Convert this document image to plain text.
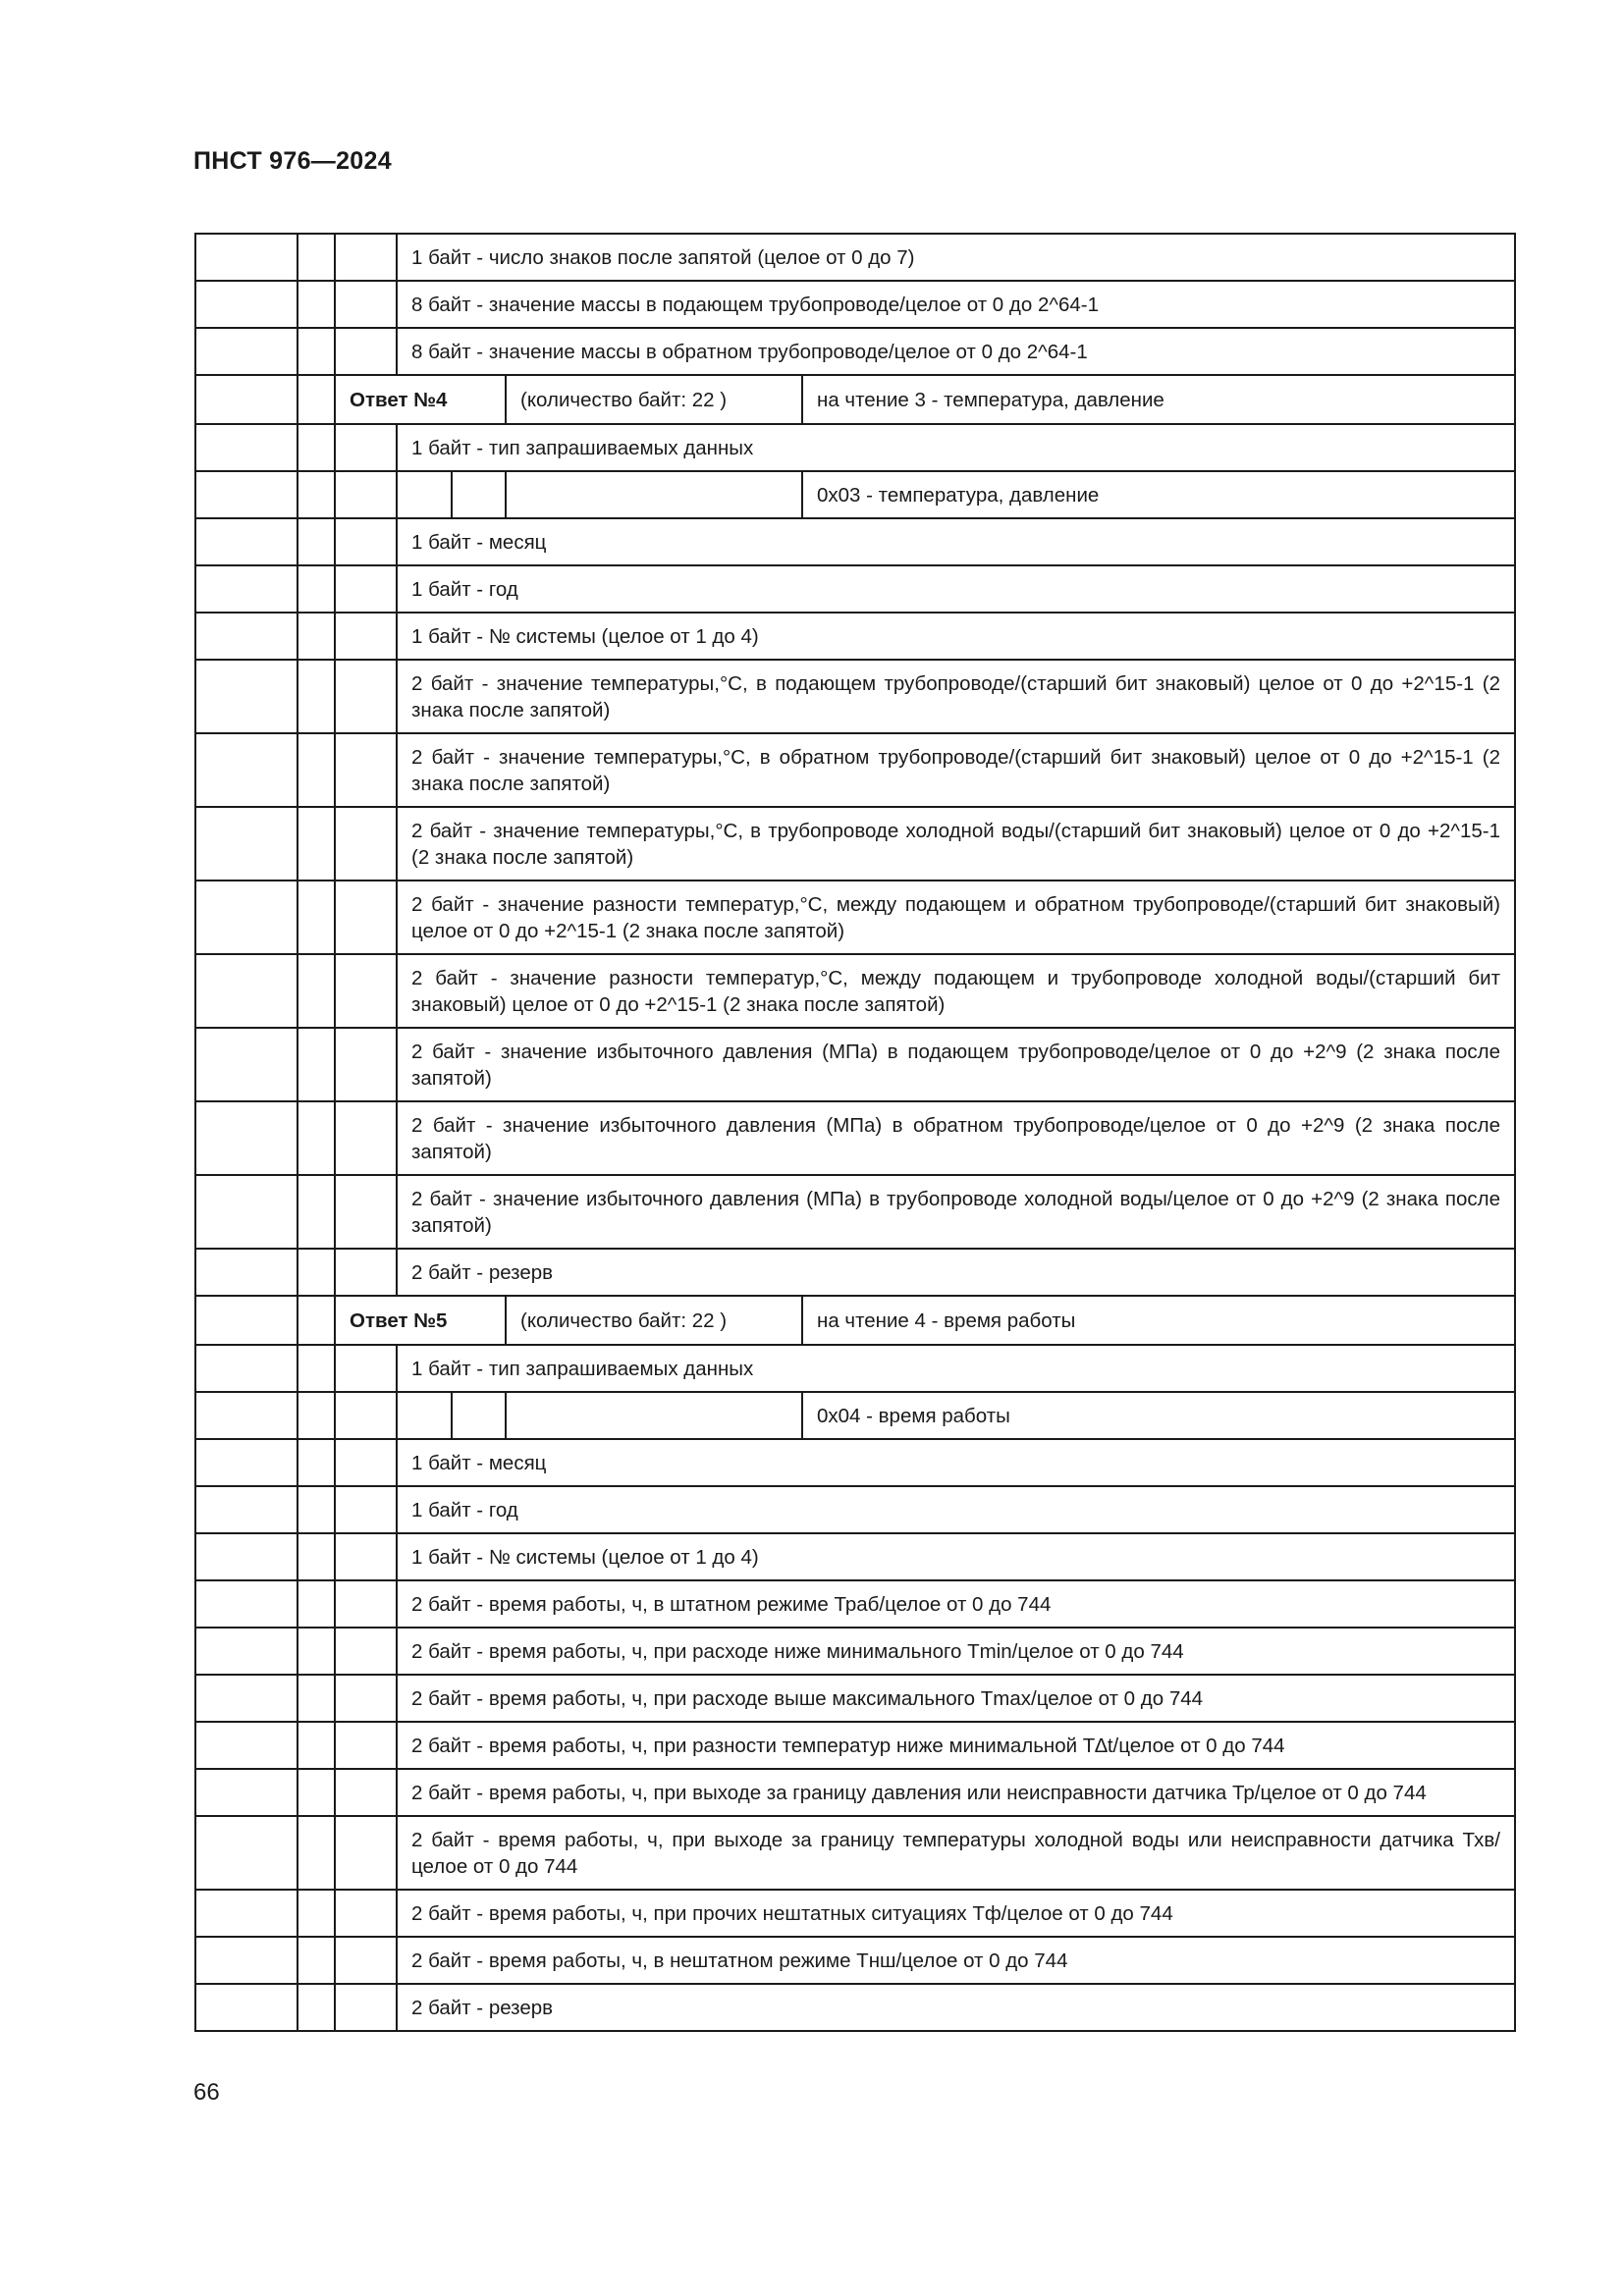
ПНСТ 976—2024
			1 байт - число знаков после запятой (целое от 0 до 7)			
			8 байт - значение массы в подающем трубопроводе/целое от 0 до 2^64-1			
			8 байт - значение массы в обратном трубопроводе/целое от 0 до 2^64-1			
		Ответ №4			(количество байт: 22 )	на чтение 3 - температура, давление
			1 байт - тип запрашиваемых данных			
						0x03 - температура, давление
			1 байт - месяц			
			1 байт - год			
			1 байт - № системы (целое от 1 до 4)			
			2 байт - значение температуры,°С, в подающем трубопроводе/(старший бит знаковый) целое от 0 до +2^15-1 (2 знака после запятой)			
			2 байт - значение температуры,°С, в обратном трубопроводе/(старший бит знаковый) целое от 0 до +2^15-1 (2 знака после запятой)			
			2 байт - значение температуры,°С, в трубопроводе холодной воды/(старший бит знаковый) целое от 0 до +2^15-1 (2 знака после запятой)			
			2 байт - значение разности температур,°С, между подающем и обратном трубопроводе/(старший бит знаковый) целое от 0 до +2^15-1 (2 знака после запятой)			
			2 байт - значение разности температур,°С, между подающем и трубопроводе холодной воды/(старший бит знаковый) целое от 0 до +2^15-1 (2 знака после запятой)			
			2 байт - значение избыточного давления (МПа) в подающем трубопроводе/целое от 0 до +2^9 (2 знака после запятой)			
			2 байт - значение избыточного давления (МПа) в обратном трубопроводе/целое от 0 до +2^9 (2 знака после запятой)			
			2 байт - значение избыточного давления (МПа) в трубопроводе холодной воды/целое от 0 до +2^9 (2 знака после запятой)			
			2 байт - резерв			
		Ответ №5			(количество байт: 22 )	на чтение 4 - время работы
			1 байт - тип запрашиваемых данных			
						0x04 - время работы
			1 байт - месяц			
			1 байт - год			
			1 байт - № системы (целое от 1 до 4)			
			2 байт - время работы, ч, в штатном режиме Траб/целое от 0 до 744			
			2 байт - время работы, ч, при расходе ниже минимального Тmin/целое от 0 до 744			
			2 байт - время работы, ч, при расходе выше максимального Тmax/целое от 0 до 744			
			2 байт - время работы, ч, при разности температур ниже минимальной Т∆t/целое от 0 до 744			
			2 байт - время работы, ч, при выходе за границу давления или неисправности датчика Тр/целое от 0 до 744			
			2 байт - время работы, ч, при выходе за границу температуры холодной воды или неисправности датчика Тхв/целое от 0 до 744			
			2 байт - время работы, ч, при прочих нештатных ситуациях Тф/целое от 0 до 744			
			2 байт - время работы, ч, в нештатном режиме Тнш/целое от 0 до 744			
			2 байт - резерв			
66
